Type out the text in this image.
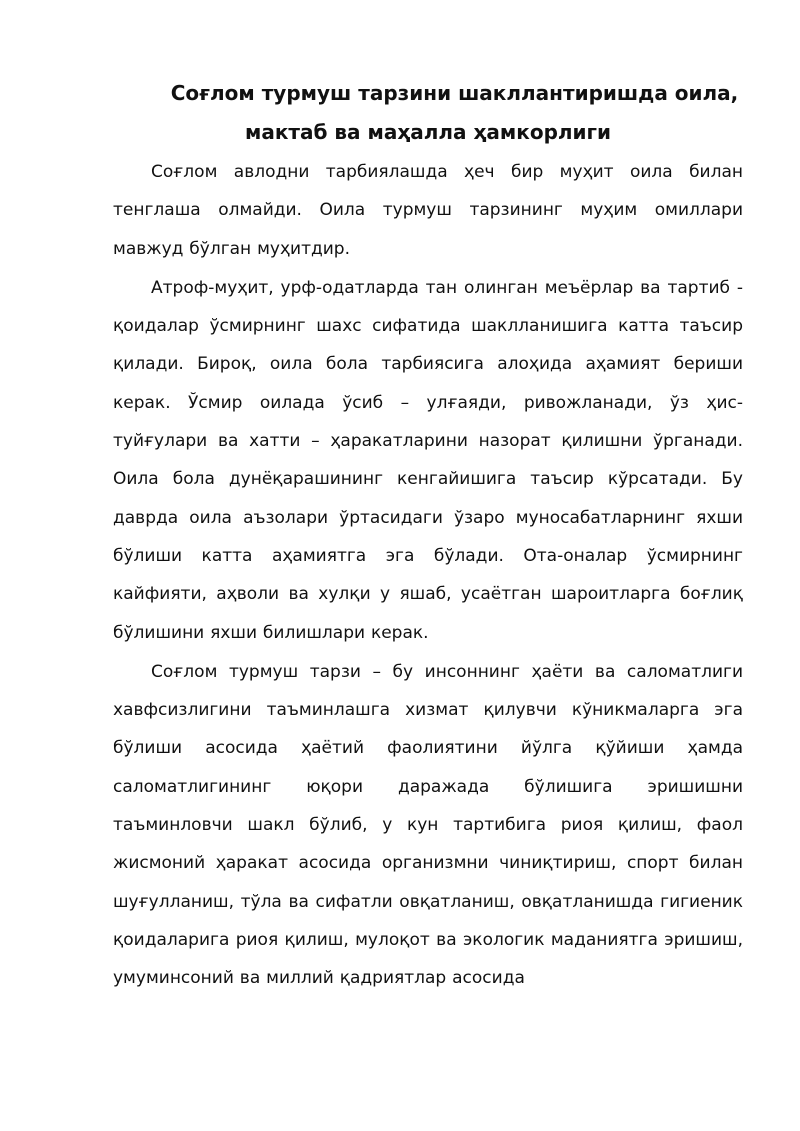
Соғлом турмуш тарзини шакллантиришда оила,
мактаб ва маҳалла ҳамкорлиги

Соғлом авлодни тарбиялашда ҳеч бир муҳит оила билан тенглаша олмайди. Оила турмуш тарзининг муҳим омиллари мавжуд бўлган муҳитдир.

Атроф-муҳит, урф-одатларда тан олинган меъёрлар ва тартиб - қоидалар ўсмирнинг шахс сифатида шаклланишига катта таъсир қилади. Бироқ, оила бола тарбиясига алоҳида аҳамият бериши керак. Ўсмир оилада ўсиб – улғаяди, ривожланади, ўз ҳис-туйғулари ва хатти – ҳаракатларини назорат қилишни ўрганади. Оила бола дунёқарашининг кенгайишига таъсир кўрсатади. Бу даврда оила аъзолари ўртасидаги ўзаро муносабатларнинг яхши бўлиши катта аҳамиятга эга бўлади. Ота-оналар ўсмирнинг кайфияти, аҳволи ва хулқи у яшаб, усаётган шароитларга боғлиқ бўлишини яхши билишлари керак.

Соғлом турмуш тарзи – бу инсоннинг ҳаёти ва саломатлиги хавфсизлигини таъминлашга хизмат қилувчи кўникмаларга эга бўлиши асосида ҳаётий фаолиятини йўлга қўйиши ҳамда саломатлигининг юқори даражада бўлишига эришишни таъминловчи шакл бўлиб, у кун тартибига риоя қилиш, фаол жисмоний ҳаракат асосида организмни чиниқтириш, спорт билан шуғулланиш, тўла ва сифатли овқатланиш, овқатланишда гигиеник қоидаларига риоя қилиш, мулоқот ва экологик маданиятга эришиш, умуминсоний ва миллий қадриятлар асосида
